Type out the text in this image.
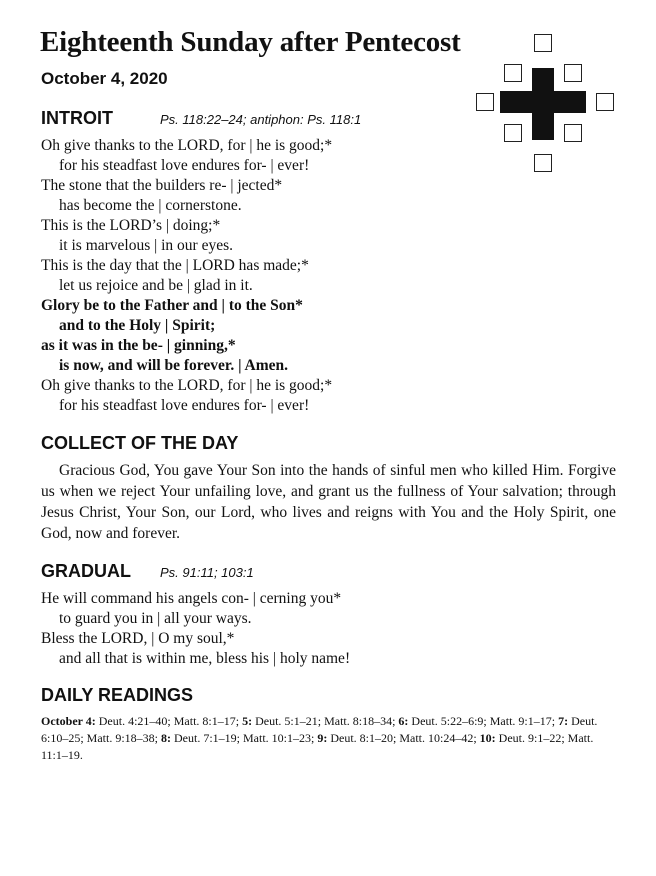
Eighteenth Sunday after Pentecost
October 4, 2020
INTROIT	Ps. 118:22–24; antiphon: Ps. 118:1
Oh give thanks to the LORD, for | he is good;*
for his steadfast love endures for- | ever!
The stone that the builders re- | jected*
has become the | cornerstone.
This is the LORD’s | doing;*
it is marvelous | in our eyes.
This is the day that the | LORD has made;*
let us rejoice and be | glad in it.
Glory be to the Father and | to the Son*
and to the Holy | Spirit;
as it was in the be- | ginning,*
is now, and will be forever. | Amen.
Oh give thanks to the LORD, for | he is good;*
for his steadfast love endures for- | ever!
COLLECT OF THE DAY

Gracious God, You gave Your Son into the hands of sinful men who killed Him. Forgive us when we reject Your unfailing love, and grant us the fullness of Your salvation; through Jesus Christ, Your Son, our Lord, who lives and reigns with You and the Holy Spirit, one God, now and forever.

GRADUAL Ps. 91:11; 103:1
He will command his angels con- | cerning you*
to guard you in | all your ways.
Bless the LORD, | O my soul,*
and all that is within me, bless his | holy name!
DAILY READINGS

October 4: Deut. 4:21–40; Matt. 8:1–17; 5: Deut. 5:1–21; Matt. 8:18–34; 6: Deut. 5:22–6:9; Matt. 9:1–17; 7: Deut. 6:10–25; Matt. 9:18–38; 8: Deut. 7:1–19; Matt. 10:1–23; 9: Deut. 8:1–20; Matt. 10:24–42; 10: Deut. 9:1–22; Matt. 11:1–19.
